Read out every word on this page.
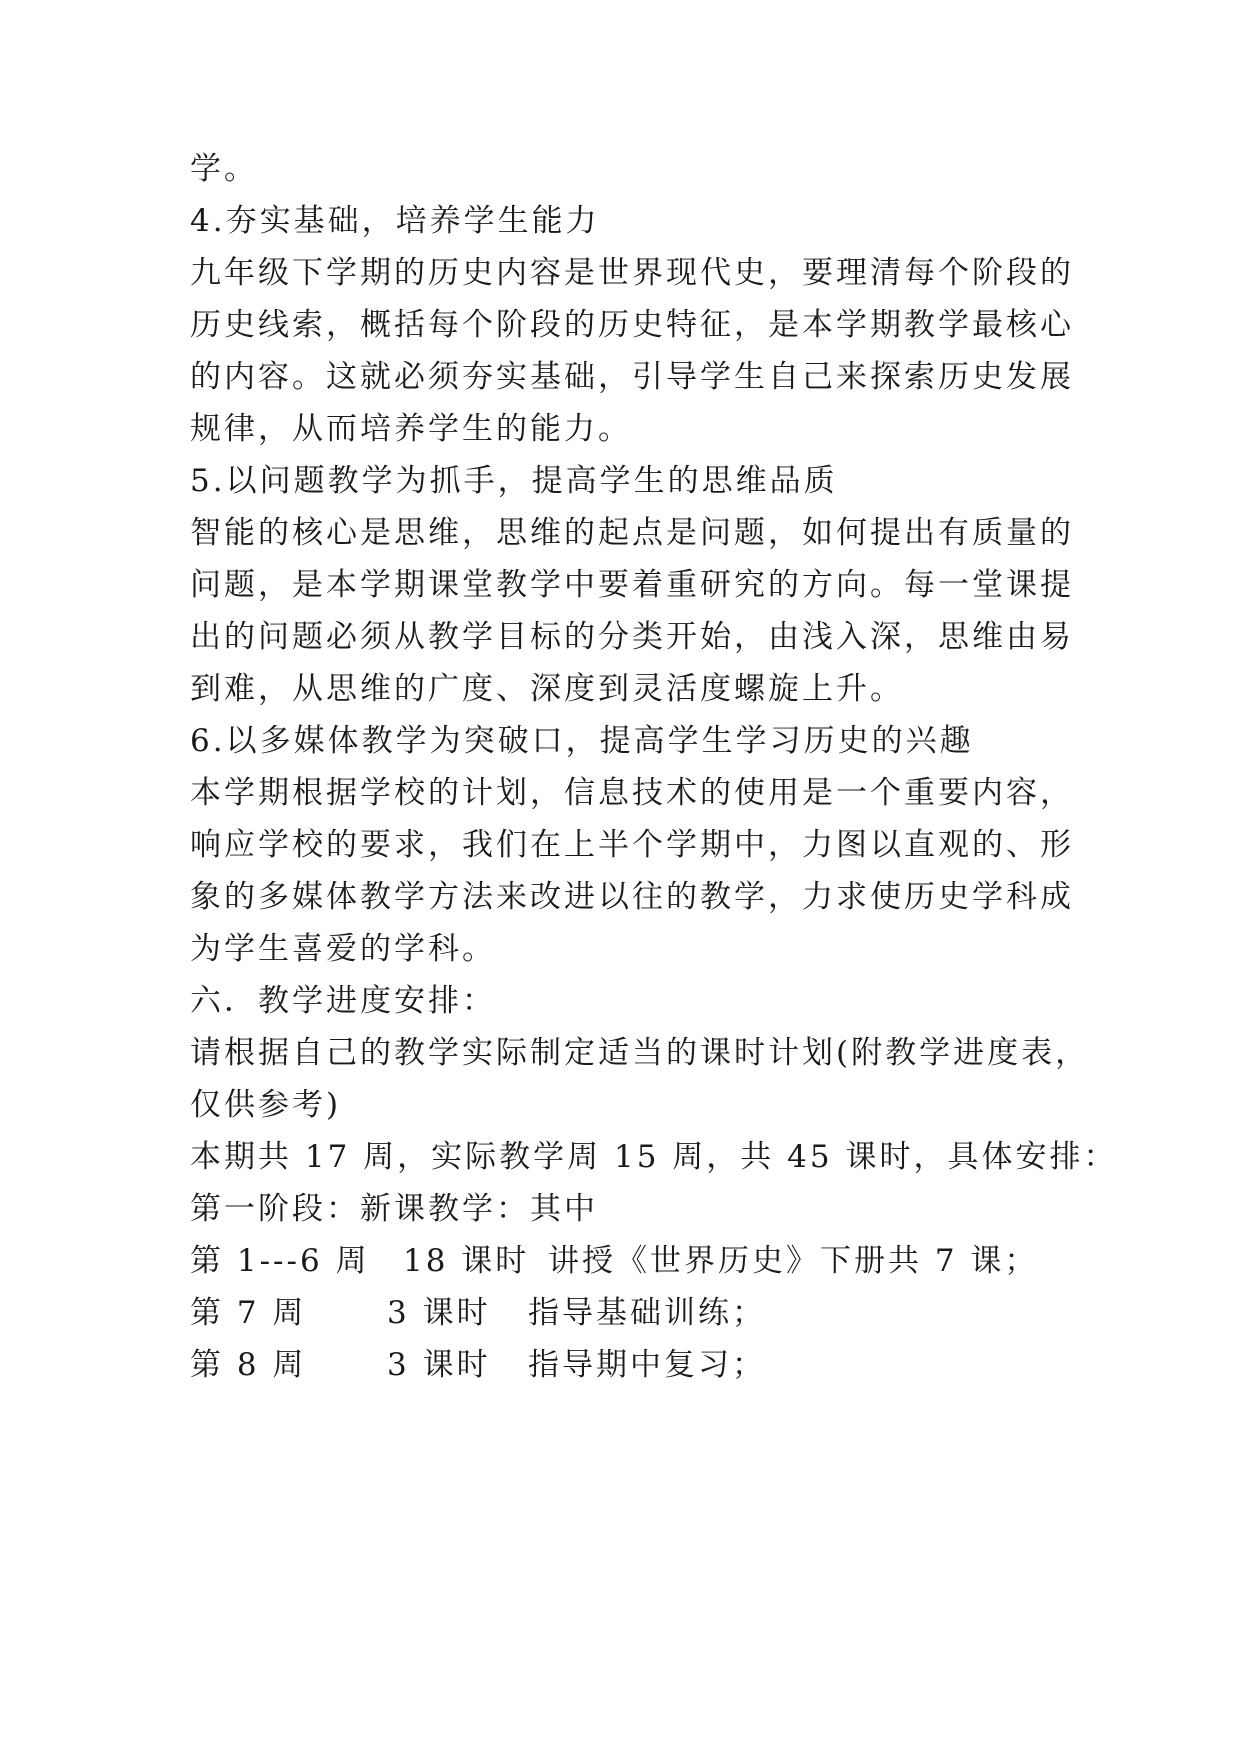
学。
4.夯实基础，培养学生能力
九年级下学期的历史内容是世界现代史，要理清每个阶段的
历史线索，概括每个阶段的历史特征，是本学期教学最核心
的内容。这就必须夯实基础，引导学生自己来探索历史发展
规律，从而培养学生的能力。
5.以问题教学为抓手，提高学生的思维品质
智能的核心是思维，思维的起点是问题，如何提出有质量的
问题，是本学期课堂教学中要着重研究的方向。每一堂课提
出的问题必须从教学目标的分类开始，由浅入深，思维由易
到难，从思维的广度、深度到灵活度螺旋上升。
6.以多媒体教学为突破口，提高学生学习历史的兴趣
本学期根据学校的计划，信息技术的使用是一个重要内容，
响应学校的要求，我们在上半个学期中，力图以直观的、形
象的多媒体教学方法来改进以往的教学，力求使历史学科成
为学生喜爱的学科。
六．教学进度安排：
请根据自己的教学实际制定适当的课时计划(附教学进度表，
仅供参考)
本期共 17 周，实际教学周 15 周，共 45 课时，具体安排：
第一阶段：新课教学：其中
第 1---6 周 18 课时 讲授《世界历史》下册共 7 课；
第 7 周	3 课时 指导基础训练；
第 8 周	3 课时 指导期中复习；
